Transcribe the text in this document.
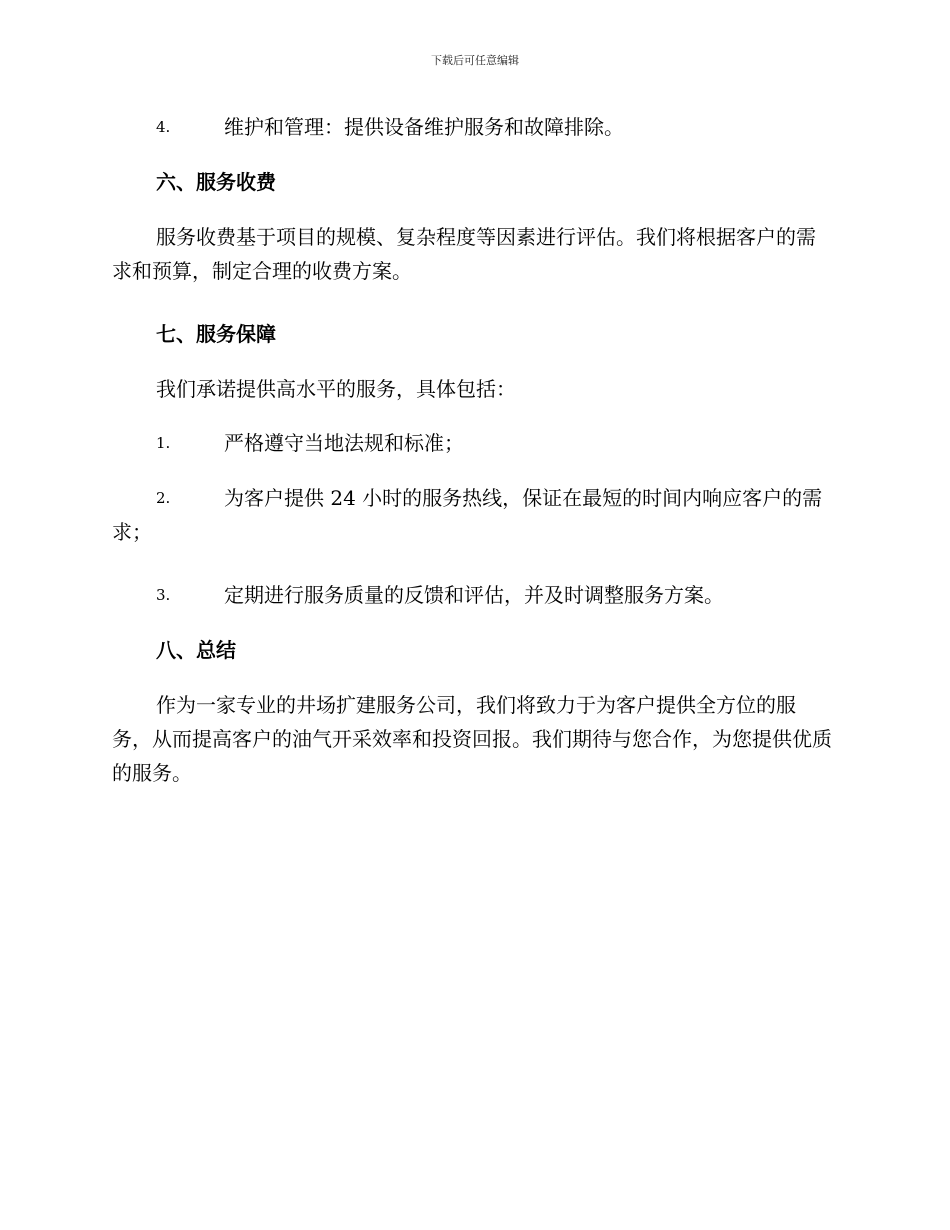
下载后可任意编辑
4.	维护和管理：提供设备维护服务和故障排除。
六、服务收费
服务收费基于项目的规模、复杂程度等因素进行评估。我们将根据客户的需求和预算，制定合理的收费方案。
七、服务保障
我们承诺提供高水平的服务，具体包括：
1.	严格遵守当地法规和标准；
2.	为客户提供 24 小时的服务热线，保证在最短的时间内响应客户的需求；
3.	定期进行服务质量的反馈和评估，并及时调整服务方案。
八、总结
作为一家专业的井场扩建服务公司，我们将致力于为客户提供全方位的服务，从而提高客户的油气开采效率和投资回报。我们期待与您合作，为您提供优质的服务。
